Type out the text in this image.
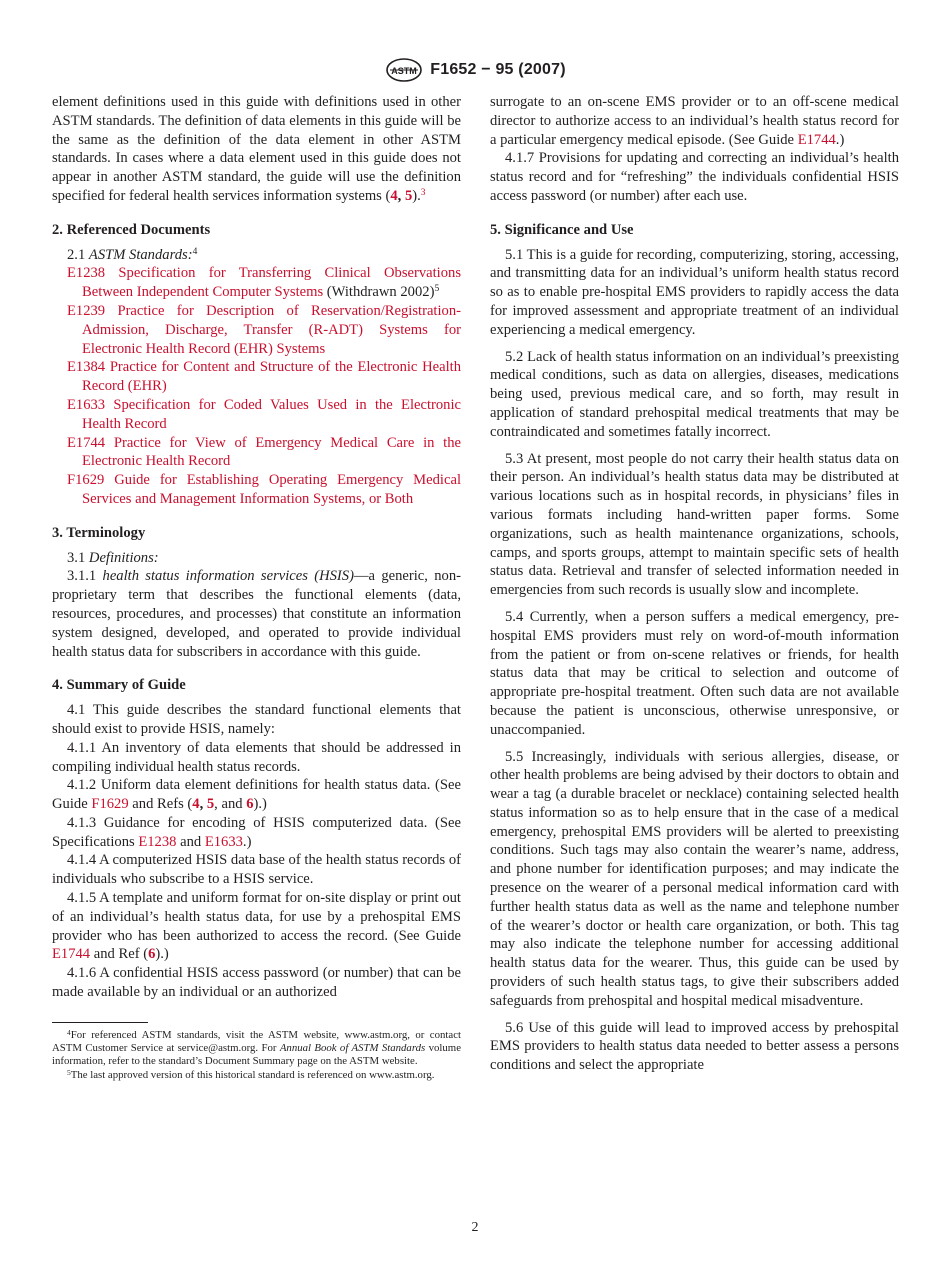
ASTM F1652 − 95 (2007)

element definitions used in this guide with definitions used in other ASTM standards. The definition of data elements in this guide will be the same as the definition of the data element in other ASTM standards. In cases where a data element used in this guide does not appear in another ASTM standard, the guide will use the definition specified for federal health services information systems (4, 5).$^3$

2. Referenced Documents

2.1 ASTM Standards:$^4$

E1238 Specification for Transferring Clinical Observations Between Independent Computer Systems (Withdrawn 2002)$^5$

E1239 Practice for Description of Reservation/Registration-Admission, Discharge, Transfer (R-ADT) Systems for Electronic Health Record (EHR) Systems

E1384 Practice for Content and Structure of the Electronic Health Record (EHR)

E1633 Specification for Coded Values Used in the Electronic Health Record

E1744 Practice for View of Emergency Medical Care in the Electronic Health Record

F1629 Guide for Establishing Operating Emergency Medical Services and Management Information Systems, or Both

3. Terminology

3.1 Definitions:

3.1.1 health status information services (HSIS)—a generic, non-proprietary term that describes the functional elements (data, resources, procedures, and processes) that constitute an information system designed, developed, and operated to provide individual health status data for subscribers in accordance with this guide.

4. Summary of Guide

4.1 This guide describes the standard functional elements that should exist to provide HSIS, namely:

4.1.1 An inventory of data elements that should be addressed in compiling individual health status records.

4.1.2 Uniform data element definitions for health status data. (See Guide F1629 and Refs (4, 5, and 6).)

4.1.3 Guidance for encoding of HSIS computerized data. (See Specifications E1238 and E1633.)

4.1.4 A computerized HSIS data base of the health status records of individuals who subscribe to a HSIS service.

4.1.5 A template and uniform format for on-site display or print out of an individual’s health status data, for use by a prehospital EMS provider who has been authorized to access the record. (See Guide E1744 and Ref (6).)

4.1.6 A confidential HSIS access password (or number) that can be made available by an individual or an authorized

$^4$For referenced ASTM standards, visit the ASTM website, www.astm.org, or contact ASTM Customer Service at service@astm.org. For Annual Book of ASTM Standards volume information, refer to the standard’s Document Summary page on the ASTM website.

$^5$The last approved version of this historical standard is referenced on www.astm.org.

surrogate to an on-scene EMS provider or to an off-scene medical director to authorize access to an individual’s health status record for a particular emergency medical episode. (See Guide E1744.)

4.1.7 Provisions for updating and correcting an individual’s health status record and for “refreshing” the individuals confidential HSIS access password (or number) after each use.

5. Significance and Use

5.1 This is a guide for recording, computerizing, storing, accessing, and transmitting data for an individual’s uniform health status record so as to enable pre-hospital EMS providers to rapidly access the data for improved assessment and appropriate treatment of an individual experiencing a medical emergency.

5.2 Lack of health status information on an individual’s preexisting medical conditions, such as data on allergies, diseases, medications being used, previous medical care, and so forth, may result in application of standard prehospital medical treatments that may be contraindicated and sometimes fatally incorrect.

5.3 At present, most people do not carry their health status data on their person. An individual’s health status data may be distributed at various locations such as in hospital records, in physicians’ files in various formats including hand-written paper forms. Some organizations, such as health maintenance organizations, schools, camps, and sports groups, attempt to maintain specific sets of health status data. Retrieval and transfer of selected information needed in emergencies from such records is usually slow and incomplete.

5.4 Currently, when a person suffers a medical emergency, pre-hospital EMS providers must rely on word-of-mouth information from the patient or from on-scene relatives or friends, for health status data that may be critical to selection and outcome of appropriate pre-hospital treatment. Often such data are not available because the patient is unconscious, otherwise unresponsive, or unaccompanied.

5.5 Increasingly, individuals with serious allergies, disease, or other health problems are being advised by their doctors to obtain and wear a tag (a durable bracelet or necklace) containing selected health status information so as to help ensure that in the case of a medical emergency, prehospital EMS providers will be alerted to preexisting conditions. Such tags may also contain the wearer’s name, address, and phone number for identification purposes; and may indicate the presence on the wearer of a personal medical information card with further health status data as well as the name and telephone number of the wearer’s doctor or health care organization, or both. This tag may also indicate the telephone number for accessing additional health status data for the wearer. Thus, this guide can be used by providers of such health status tags, to give their subscribers added safeguards from prehospital and hospital medical misadventure.

5.6 Use of this guide will lead to improved access by prehospital EMS providers to health status data needed to better assess a persons conditions and select the appropriate

2
